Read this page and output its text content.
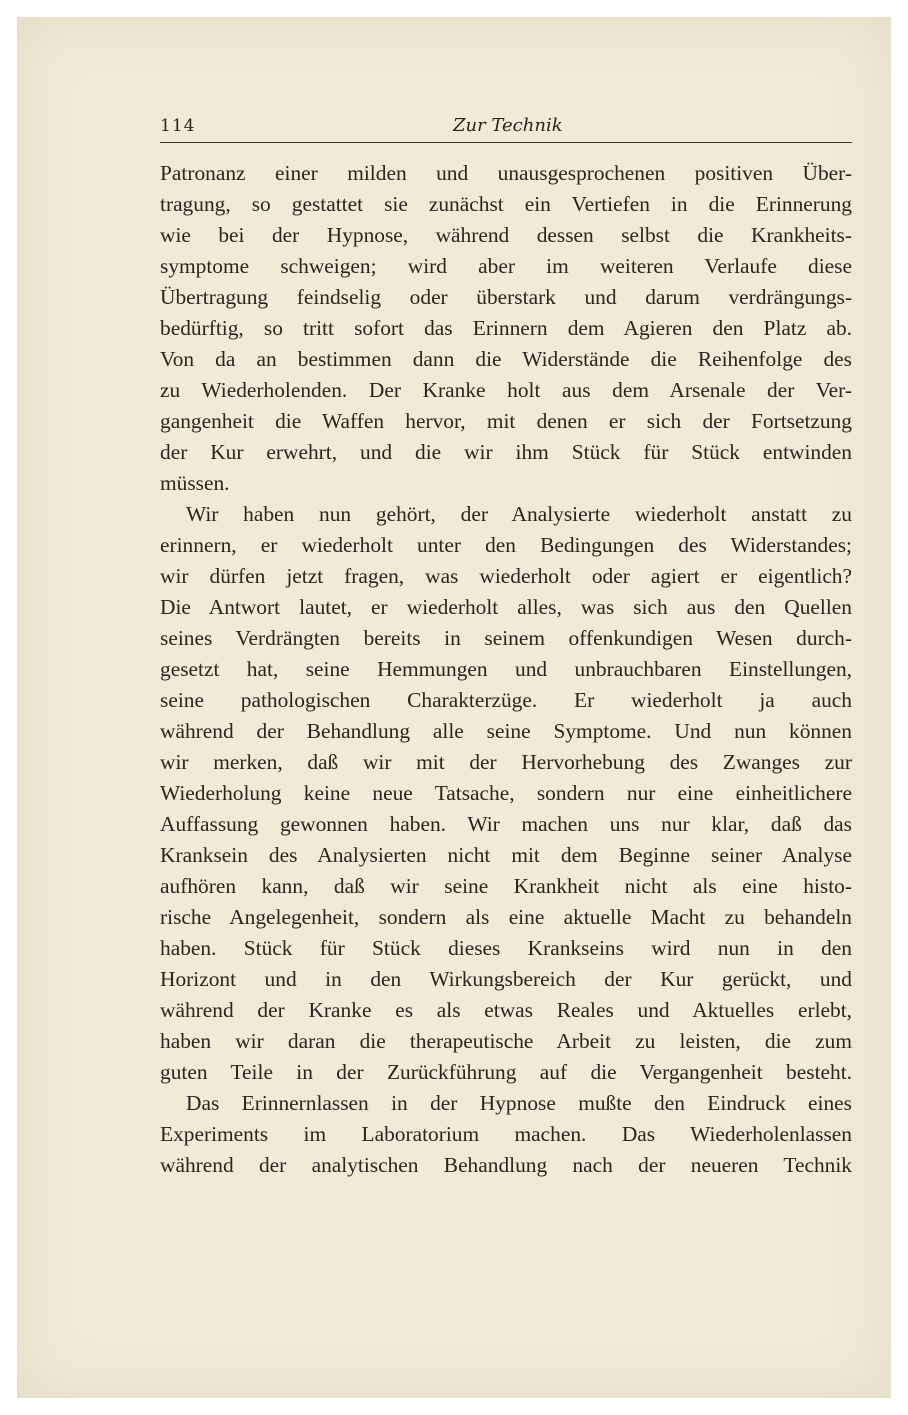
114	Zur Technik
Patronanz einer milden und unausgesprochenen positiven Über-
tragung, so gestattet sie zunächst ein Vertiefen in die Erinnerung
wie bei der Hypnose, während dessen selbst die Krankheits-
symptome schweigen; wird aber im weiteren Verlaufe diese
Übertragung feindselig oder überstark und darum verdrängungs-
bedürftig, so tritt sofort das Erinnern dem Agieren den Platz ab.
Von da an bestimmen dann die Widerstände die Reihenfolge des
zu Wiederholenden. Der Kranke holt aus dem Arsenale der Ver-
gangenheit die Waffen hervor, mit denen er sich der Fortsetzung
der Kur erwehrt, und die wir ihm Stück für Stück entwinden
müssen.
Wir haben nun gehört, der Analysierte wiederholt anstatt zu
erinnern, er wiederholt unter den Bedingungen des Widerstandes;
wir dürfen jetzt fragen, was wiederholt oder agiert er eigentlich?
Die Antwort lautet, er wiederholt alles, was sich aus den Quellen
seines Verdrängten bereits in seinem offenkundigen Wesen durch-
gesetzt hat, seine Hemmungen und unbrauchbaren Einstellungen,
seine pathologischen Charakterzüge. Er wiederholt ja auch
während der Behandlung alle seine Symptome. Und nun können
wir merken, daß wir mit der Hervorhebung des Zwanges zur
Wiederholung keine neue Tatsache, sondern nur eine einheitlichere
Auffassung gewonnen haben. Wir machen uns nur klar, daß das
Kranksein des Analysierten nicht mit dem Beginne seiner Analyse
aufhören kann, daß wir seine Krankheit nicht als eine histo-
rische Angelegenheit, sondern als eine aktuelle Macht zu behandeln
haben. Stück für Stück dieses Krankseins wird nun in den
Horizont und in den Wirkungsbereich der Kur gerückt, und
während der Kranke es als etwas Reales und Aktuelles erlebt,
haben wir daran die therapeutische Arbeit zu leisten, die zum
guten Teile in der Zurückführung auf die Vergangenheit besteht.
Das Erinnernlassen in der Hypnose mußte den Eindruck eines
Experiments im Laboratorium machen. Das Wiederholenlassen
während der analytischen Behandlung nach der neueren Technik
